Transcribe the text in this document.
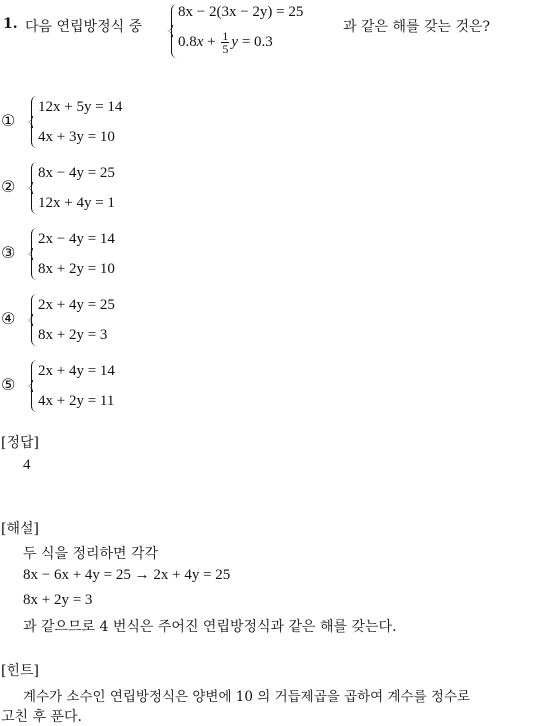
1. 다음 연립방정식 중
8x − 2(3x − 2y) = 25
$0.8x + \frac{1}{5}$ y = 0.3
과 같은 해를 갖는 것은?
①
12x + 5y = 14
4x + 3y = 10
②
8x − 4y = 25
12x + 4y = 1
③
2x − 4y = 14
8x + 2y = 10
④
2x + 4y = 25
8x + 2y = 3
⑤
2x + 4y = 14
4x + 2y = 11
[정답]
4
[해설]
두 식을 정리하면 각각
8x − 6x + 4y = 25 → 2x + 4y = 25
8x + 2y = 3
과 같으므로 4 번식은 주어진 연립방정식과 같은 해를 갖는다.
[힌트]
계수가 소수인 연립방정식은 양변에 10 의 거듭제곱을 곱하여 계수를 정수로
고친 후 푼다.
